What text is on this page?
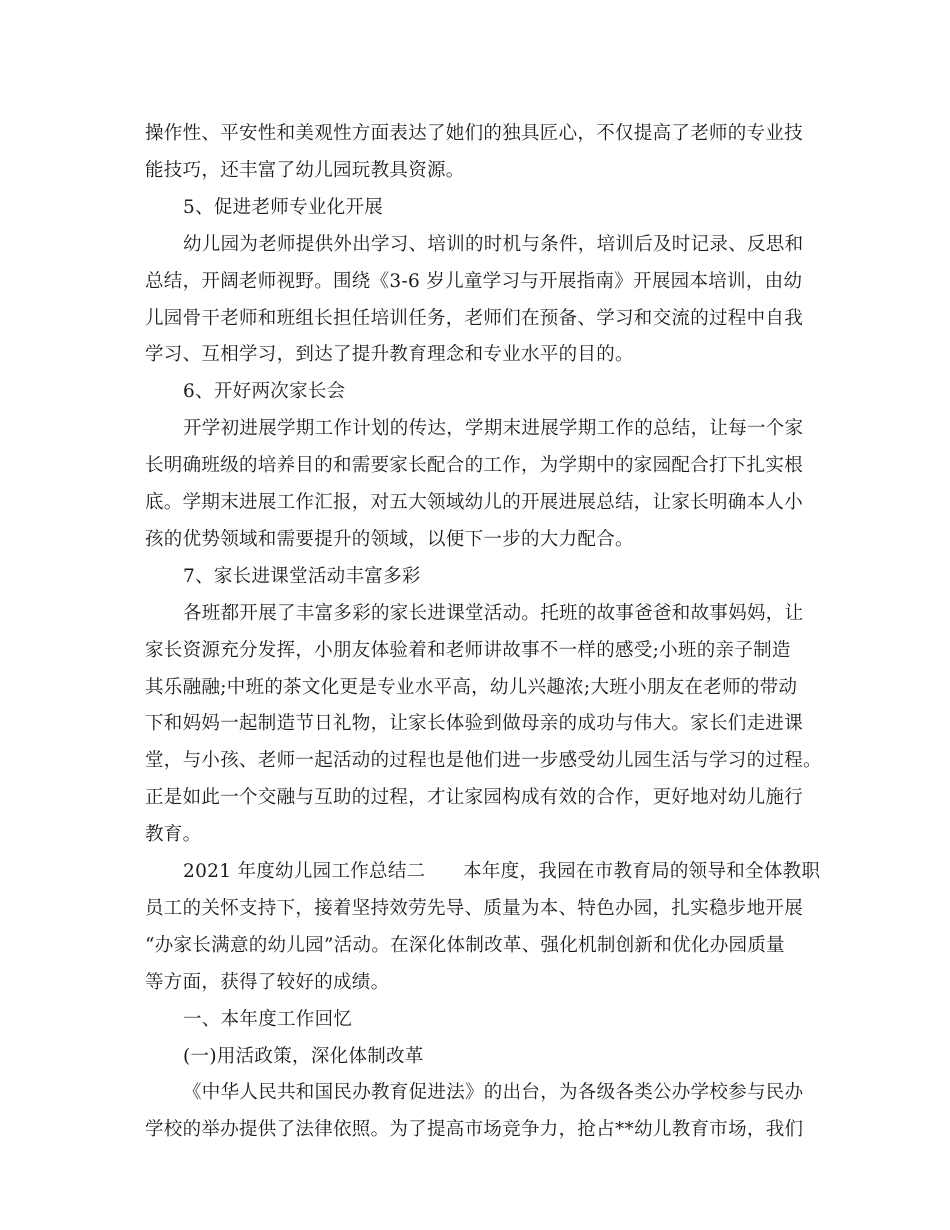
操作性、平安性和美观性方面表达了她们的独具匠心，不仅提高了老师的专业技
能技巧，还丰富了幼儿园玩教具资源。
5、促进老师专业化开展
幼儿园为老师提供外出学习、培训的时机与条件，培训后及时记录、反思和
总结，开阔老师视野。围绕《3-6 岁儿童学习与开展指南》开展园本培训，由幼
儿园骨干老师和班组长担任培训任务，老师们在预备、学习和交流的过程中自我
学习、互相学习，到达了提升教育理念和专业水平的目的。
6、开好两次家长会
开学初进展学期工作计划的传达，学期末进展学期工作的总结，让每一个家
长明确班级的培养目的和需要家长配合的工作，为学期中的家园配合打下扎实根
底。学期末进展工作汇报，对五大领域幼儿的开展进展总结，让家长明确本人小
孩的优势领域和需要提升的领域，以便下一步的大力配合。
7、家长进课堂活动丰富多彩
各班都开展了丰富多彩的家长进课堂活动。托班的故事爸爸和故事妈妈，让
家长资源充分发挥，小朋友体验着和老师讲故事不一样的感受;小班的亲子制造
其乐融融;中班的茶文化更是专业水平高，幼儿兴趣浓;大班小朋友在老师的带动
下和妈妈一起制造节日礼物，让家长体验到做母亲的成功与伟大。家长们走进课
堂，与小孩、老师一起活动的过程也是他们进一步感受幼儿园生活与学习的过程。
正是如此一个交融与互助的过程，才让家园构成有效的合作，更好地对幼儿施行
教育。
2021 年度幼儿园工作总结二　　本年度，我园在市教育局的领导和全体教职
员工的关怀支持下，接着坚持效劳先导、质量为本、特色办园，扎实稳步地开展
“办家长满意的幼儿园”活动。在深化体制改革、强化机制创新和优化办园质量
等方面，获得了较好的成绩。
一、本年度工作回忆
(一)用活政策，深化体制改革
《中华人民共和国民办教育促进法》的出台，为各级各类公办学校参与民办
学校的举办提供了法律依照。为了提高市场竞争力，抢占**幼儿教育市场，我们
